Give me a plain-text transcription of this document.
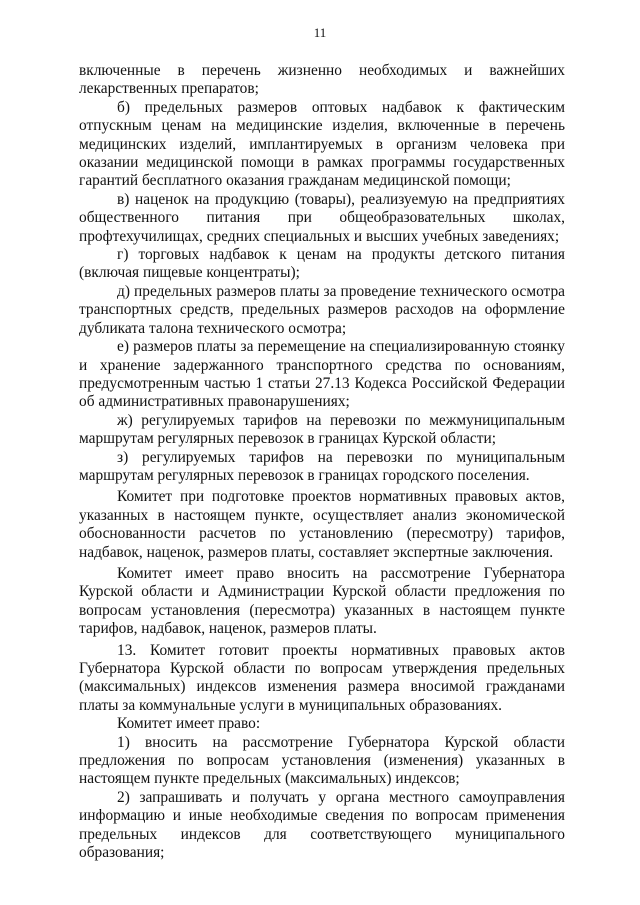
11

включенные в перечень жизненно необходимых и важнейших лекарственных препаратов;

б) предельных размеров оптовых надбавок к фактическим отпускным ценам на медицинские изделия, включенные в перечень медицинских изделий, имплантируемых в организм человека при оказании медицинской помощи в рамках программы государственных гарантий бесплатного оказания гражданам медицинской помощи;

в) наценок на продукцию (товары), реализуемую на предприятиях общественного питания при общеобразовательных школах, профтехучилищах, средних специальных и высших учебных заведениях;

г) торговых надбавок к ценам на продукты детского питания (включая пищевые концентраты);

д) предельных размеров платы за проведение технического осмотра транспортных средств, предельных размеров расходов на оформление дубликата талона технического осмотра;

е) размеров платы за перемещение на специализированную стоянку и хранение задержанного транспортного средства по основаниям, предусмотренным частью 1 статьи 27.13 Кодекса Российской Федерации об административных правонарушениях;

ж) регулируемых тарифов на перевозки по межмуниципальным маршрутам регулярных перевозок в границах Курской области;

з) регулируемых тарифов на перевозки по муниципальным маршрутам регулярных перевозок в границах городского поселения.

Комитет при подготовке проектов нормативных правовых актов, указанных в настоящем пункте, осуществляет анализ экономической обоснованности расчетов по установлению (пересмотру) тарифов, надбавок, наценок, размеров платы, составляет экспертные заключения.

Комитет имеет право вносить на рассмотрение Губернатора Курской области и Администрации Курской области предложения по вопросам установления (пересмотра) указанных в настоящем пункте тарифов, надбавок, наценок, размеров платы.

13. Комитет готовит проекты нормативных правовых актов Губернатора Курской области по вопросам утверждения предельных (максимальных) индексов изменения размера вносимой гражданами платы за коммунальные услуги в муниципальных образованиях.

Комитет имеет право:

1) вносить на рассмотрение Губернатора Курской области предложения по вопросам установления (изменения) указанных в настоящем пункте предельных (максимальных) индексов;

2) запрашивать и получать у органа местного самоуправления информацию и иные необходимые сведения по вопросам применения предельных индексов для соответствующего муниципального образования;
